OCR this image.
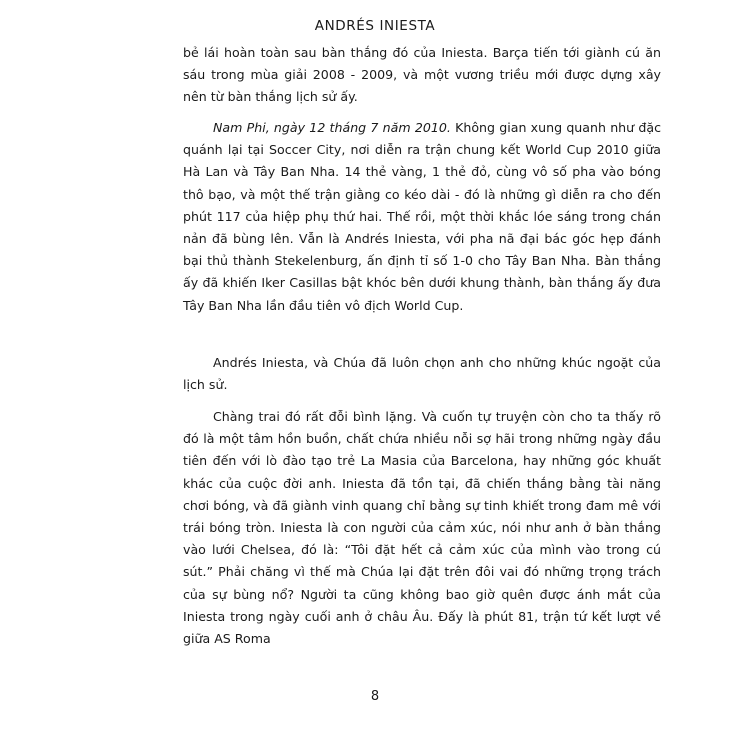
ANDRÉS INIESTA

bẻ lái hoàn toàn sau bàn thắng đó của Iniesta. Barça tiến tới giành cú ăn sáu trong mùa giải 2008 - 2009, và một vương triều mới được dựng xây nên từ bàn thắng lịch sử ấy.

Nam Phi, ngày 12 tháng 7 năm 2010. Không gian xung quanh như đặc quánh lại tại Soccer City, nơi diễn ra trận chung kết World Cup 2010 giữa Hà Lan và Tây Ban Nha. 14 thẻ vàng, 1 thẻ đỏ, cùng vô số pha vào bóng thô bạo, và một thế trận giằng co kéo dài - đó là những gì diễn ra cho đến phút 117 của hiệp phụ thứ hai. Thế rồi, một thời khắc lóe sáng trong chán nản đã bùng lên. Vẫn là Andrés Iniesta, với pha nã đại bác góc hẹp đánh bại thủ thành Stekelenburg, ấn định tỉ số 1-0 cho Tây Ban Nha. Bàn thắng ấy đã khiến Iker Casillas bật khóc bên dưới khung thành, bàn thắng ấy đưa Tây Ban Nha lần đầu tiên vô địch World Cup.

Andrés Iniesta, và Chúa đã luôn chọn anh cho những khúc ngoặt của lịch sử.

Chàng trai đó rất đỗi bình lặng. Và cuốn tự truyện còn cho ta thấy rõ đó là một tâm hồn buồn, chất chứa nhiều nỗi sợ hãi trong những ngày đầu tiên đến với lò đào tạo trẻ La Masia của Barcelona, hay những góc khuất khác của cuộc đời anh. Iniesta đã tồn tại, đã chiến thắng bằng tài năng chơi bóng, và đã giành vinh quang chỉ bằng sự tinh khiết trong đam mê với trái bóng tròn. Iniesta là con người của cảm xúc, nói như anh ở bàn thắng vào lưới Chelsea, đó là: “Tôi đặt hết cả cảm xúc của mình vào trong cú sút.” Phải chăng vì thế mà Chúa lại đặt trên đôi vai đó những trọng trách của sự bùng nổ? Người ta cũng không bao giờ quên được ánh mắt của Iniesta trong ngày cuối anh ở châu Âu. Đấy là phút 81, trận tứ kết lượt về giữa AS Roma

8
